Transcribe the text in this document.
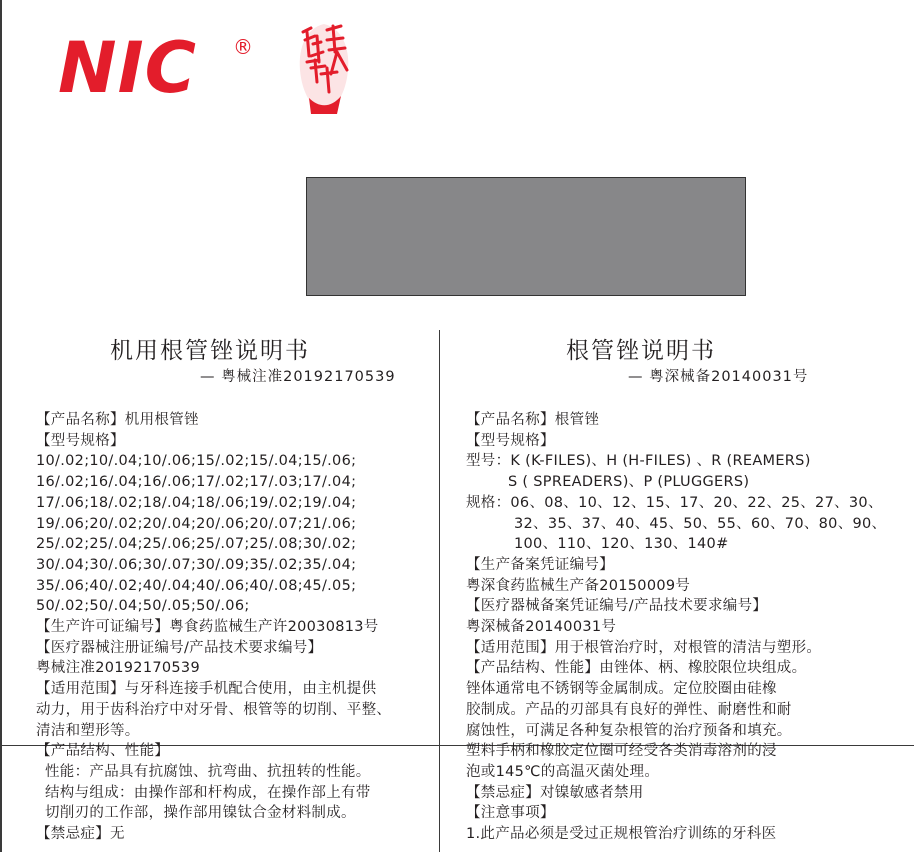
NIC ®
机用根管锉说明书
— 粤械注准20192170539
【产品名称】机用根管锉
【型号规格】
10/.02;10/.04;10/.06;15/.02;15/.04;15/.06;
16/.02;16/.04;16/.06;17/.02;17/.03;17/.04;
17/.06;18/.02;18/.04;18/.06;19/.02;19/.04;
19/.06;20/.02;20/.04;20/.06;20/.07;21/.06;
25/.02;25/.04;25/.06;25/.07;25/.08;30/.02;
30/.04;30/.06;30/.07;30/.09;35/.02;35/.04;
35/.06;40/.02;40/.04;40/.06;40/.08;45/.05;
50/.02;50/.04;50/.05;50/.06;
【生产许可证编号】粤食药监械生产许20030813号
【医疗器械注册证编号/产品技术要求编号】
粤械注准20192170539
【适用范围】与牙科连接手机配合使用，由主机提供
动力，用于齿科治疗中对牙骨、根管等的切削、平整、
清洁和塑形等。
【产品结构、性能】
性能：产品具有抗腐蚀、抗弯曲、抗扭转的性能。
结构与组成：由操作部和杆构成，在操作部上有带
切削刃的工作部，操作部用镍钛合金材料制成。
【禁忌症】无
根管锉说明书
— 粤深械备20140031号
【产品名称】根管锉
【型号规格】
型号：K (K-FILES)、H (H-FILES) 、R (REAMERS)
S ( SPREADERS)、P (PLUGGERS)
规格：06、08、10、12、15、17、20、22、25、27、30、
32、35、37、40、45、50、55、60、70、80、90、
100、110、120、130、140#
【生产备案凭证编号】
粤深食药监械生产备20150009号
【医疗器械备案凭证编号/产品技术要求编号】
粤深械备20140031号
【适用范围】用于根管治疗时，对根管的清洁与塑形。
【产品结构、性能】由锉体、柄、橡胶限位块组成。
锉体通常电不锈钢等金属制成。定位胶圈由硅橡
胶制成。产品的刃部具有良好的弹性、耐磨性和耐
腐蚀性，可满足各种复杂根管的治疗预备和填充。
塑料手柄和橡胶定位圈可经受各类消毒溶剂的浸
泡或145℃的高温灭菌处理。
【禁忌症】对镍敏感者禁用
【注意事项】
1.此产品必须是受过正规根管治疗训练的牙科医
